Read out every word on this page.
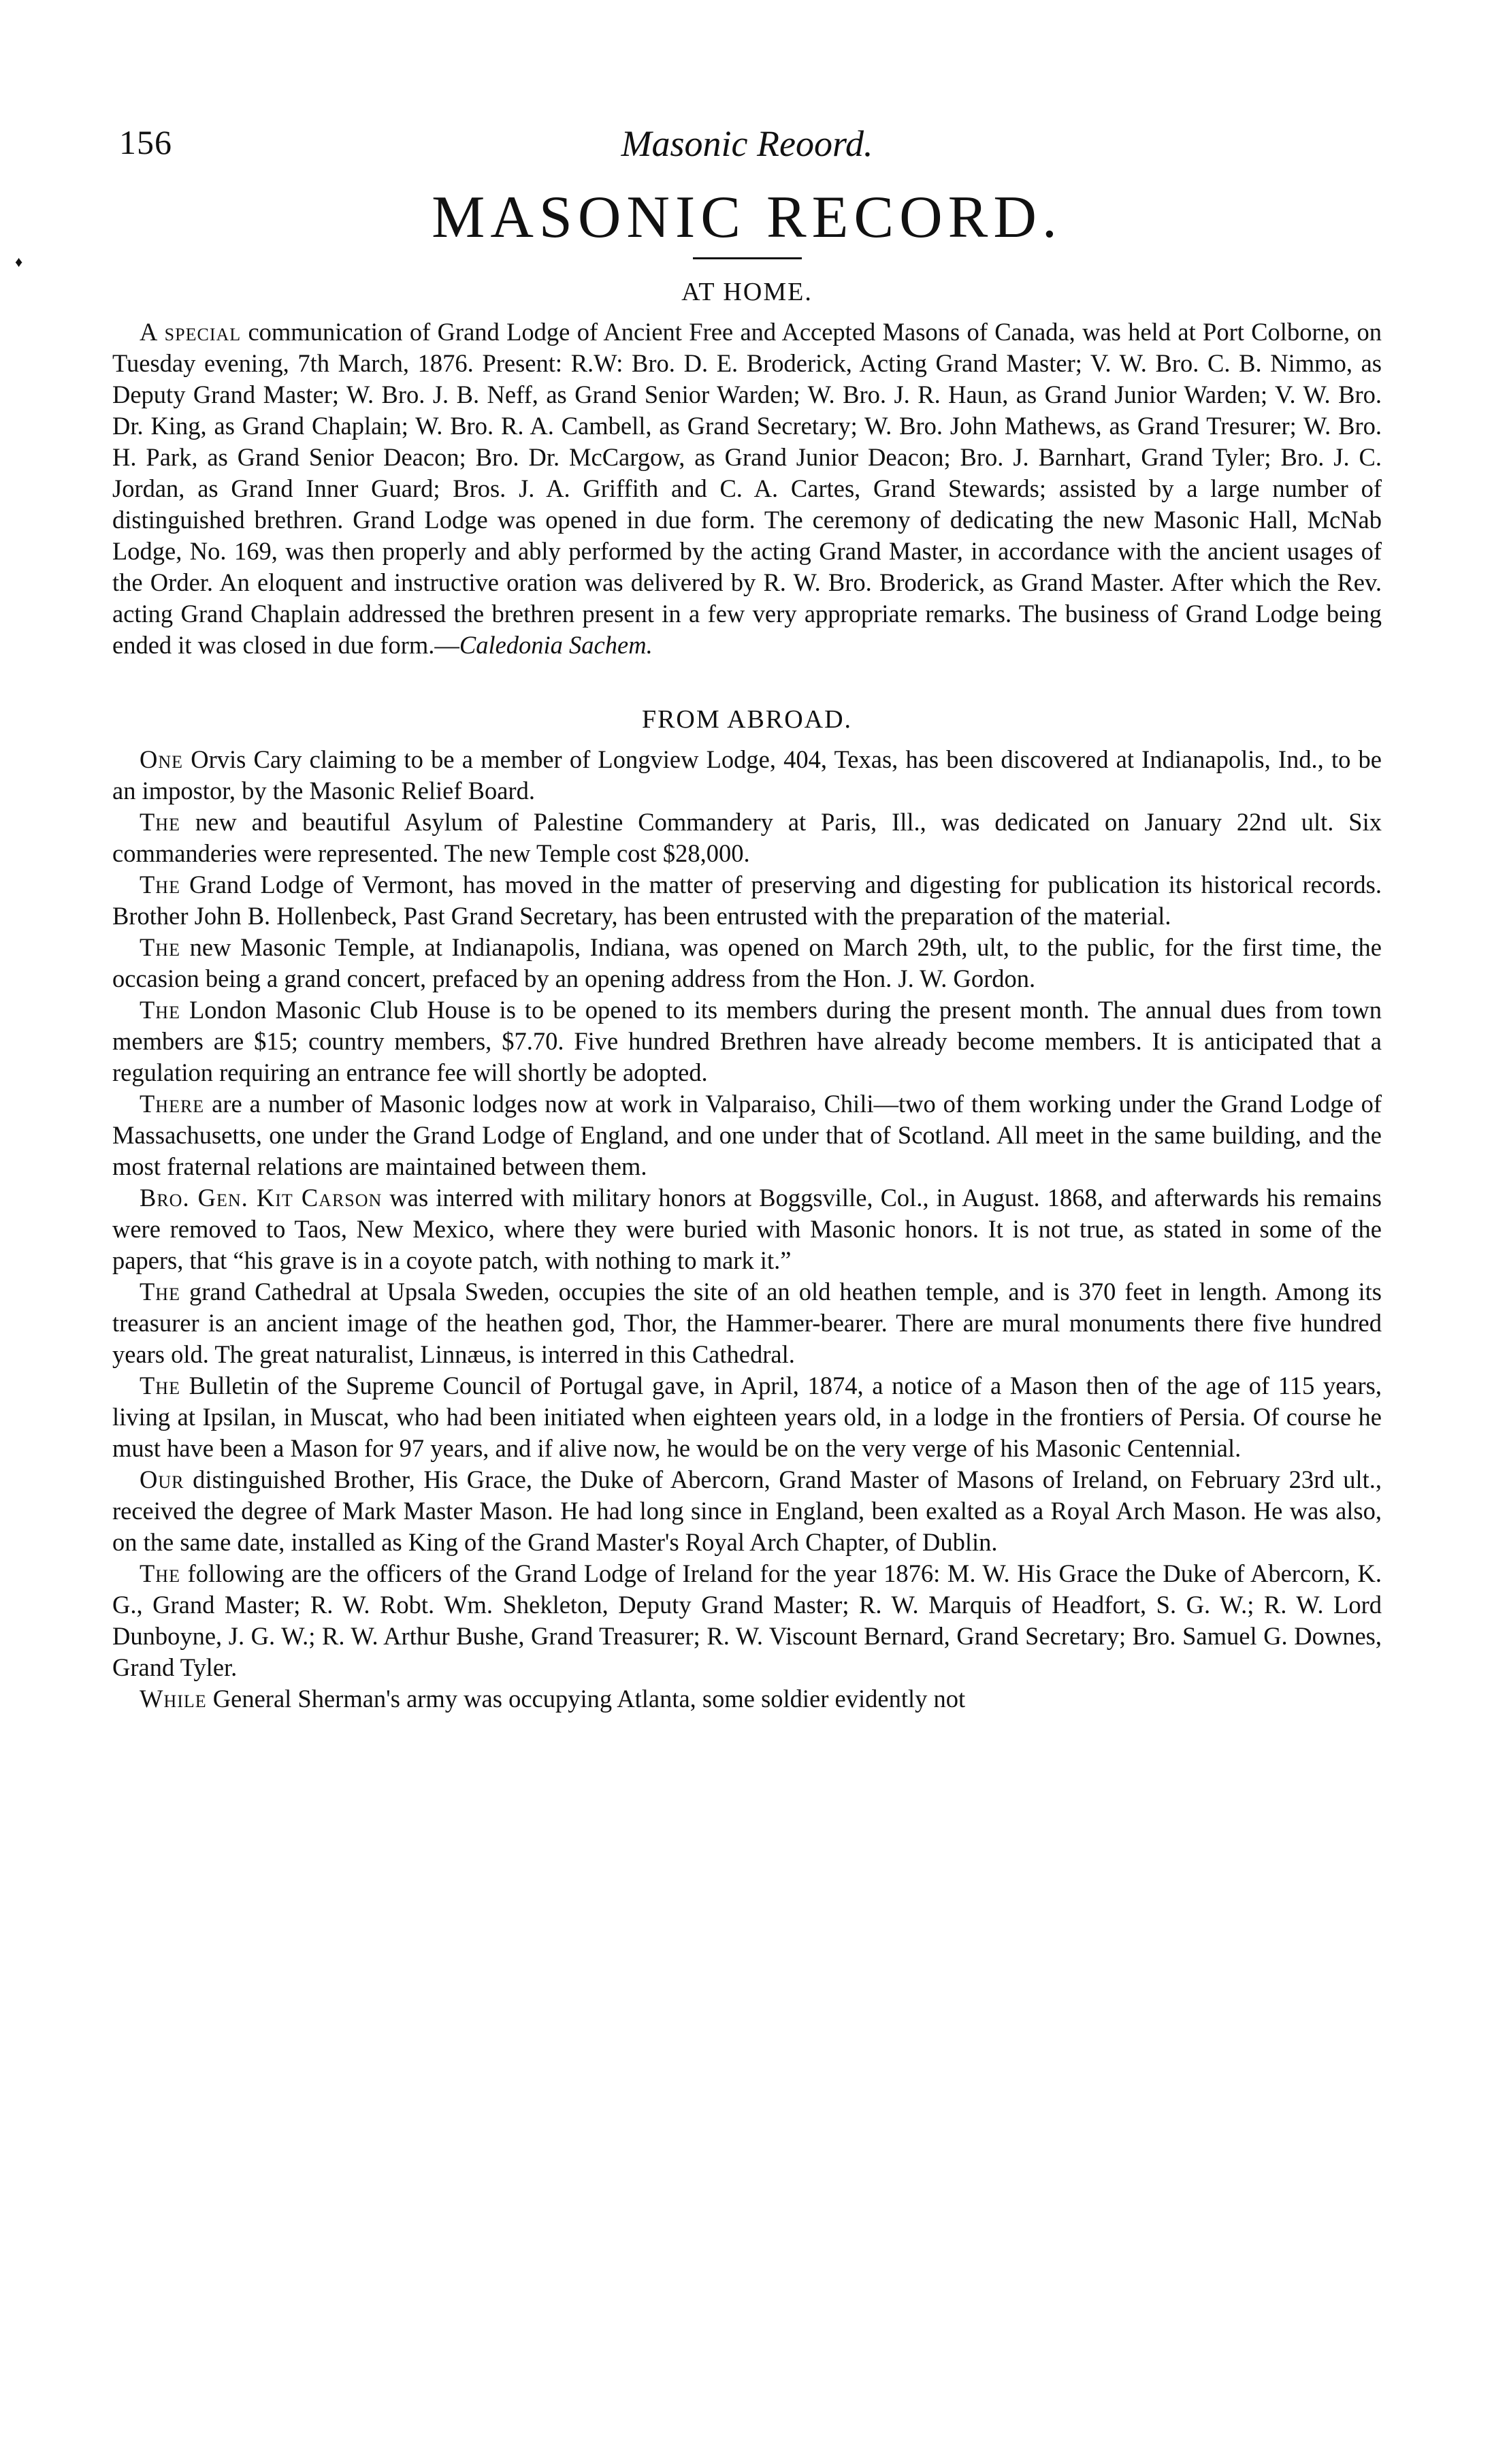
♦
156	Masonic Reoord.
MASONIC RECORD.
AT HOME.

A special communication of Grand Lodge of Ancient Free and Accepted Masons of Canada, was held at Port Colborne, on Tuesday evening, 7th March, 1876. Present: R.W: Bro. D. E. Broderick, Acting Grand Master; V. W. Bro. C. B. Nimmo, as Deputy Grand Master; W. Bro. J. B. Neff, as Grand Senior Warden; W. Bro. J. R. Haun, as Grand Junior Warden; V. W. Bro. Dr. King, as Grand Chaplain; W. Bro. R. A. Cambell, as Grand Secretary; W. Bro. John Mathews, as Grand Tresurer; W. Bro. H. Park, as Grand Senior Deacon; Bro. Dr. McCargow, as Grand Junior Deacon; Bro. J. Barnhart, Grand Tyler; Bro. J. C. Jordan, as Grand Inner Guard; Bros. J. A. Griffith and C. A. Cartes, Grand Stewards; assisted by a large number of distinguished brethren. Grand Lodge was opened in due form. The ceremony of dedicating the new Masonic Hall, McNab Lodge, No. 169, was then properly and ably performed by the acting Grand Master, in accordance with the ancient usages of the Order. An eloquent and instructive oration was delivered by R. W. Bro. Broderick, as Grand Master. After which the Rev. acting Grand Chaplain addressed the brethren present in a few very appropriate remarks. The business of Grand Lodge being ended it was closed in due form.—Caledonia Sachem.

FROM ABROAD.

One Orvis Cary claiming to be a member of Longview Lodge, 404, Texas, has been discovered at Indianapolis, Ind., to be an impostor, by the Masonic Relief Board.

The new and beautiful Asylum of Palestine Commandery at Paris, Ill., was dedicated on January 22nd ult. Six commanderies were represented. The new Temple cost $28,000.

The Grand Lodge of Vermont, has moved in the matter of preserving and digesting for publication its historical records. Brother John B. Hollenbeck, Past Grand Secretary, has been entrusted with the preparation of the material.

The new Masonic Temple, at Indianapolis, Indiana, was opened on March 29th, ult, to the public, for the first time, the occasion being a grand concert, prefaced by an opening address from the Hon. J. W. Gordon.

The London Masonic Club House is to be opened to its members during the present month. The annual dues from town members are $15; country members, $7.70. Five hundred Brethren have already become members. It is anticipated that a regulation requiring an entrance fee will shortly be adopted.

There are a number of Masonic lodges now at work in Valparaiso, Chili—two of them working under the Grand Lodge of Massachusetts, one under the Grand Lodge of England, and one under that of Scotland. All meet in the same building, and the most fraternal relations are maintained between them.

Bro. Gen. Kit Carson was interred with military honors at Boggsville, Col., in August. 1868, and afterwards his remains were removed to Taos, New Mexico, where they were buried with Masonic honors. It is not true, as stated in some of the papers, that “his grave is in a coyote patch, with nothing to mark it.”

The grand Cathedral at Upsala Sweden, occupies the site of an old heathen temple, and is 370 feet in length. Among its treasurer is an ancient image of the heathen god, Thor, the Hammer-bearer. There are mural monuments there five hundred years old. The great naturalist, Linnæus, is interred in this Cathedral.

The Bulletin of the Supreme Council of Portugal gave, in April, 1874, a notice of a Mason then of the age of 115 years, living at Ipsilan, in Muscat, who had been initiated when eighteen years old, in a lodge in the frontiers of Persia. Of course he must have been a Mason for 97 years, and if alive now, he would be on the very verge of his Masonic Centennial.

Our distinguished Brother, His Grace, the Duke of Abercorn, Grand Master of Masons of Ireland, on February 23rd ult., received the degree of Mark Master Mason. He had long since in England, been exalted as a Royal Arch Mason. He was also, on the same date, installed as King of the Grand Master's Royal Arch Chapter, of Dublin.

The following are the officers of the Grand Lodge of Ireland for the year 1876: M. W. His Grace the Duke of Abercorn, K. G., Grand Master; R. W. Robt. Wm. Shekleton, Deputy Grand Master; R. W. Marquis of Headfort, S. G. W.; R. W. Lord Dunboyne, J. G. W.; R. W. Arthur Bushe, Grand Treasurer; R. W. Viscount Bernard, Grand Secretary; Bro. Samuel G. Downes, Grand Tyler.

While General Sherman's army was occupying Atlanta, some soldier evidently not
